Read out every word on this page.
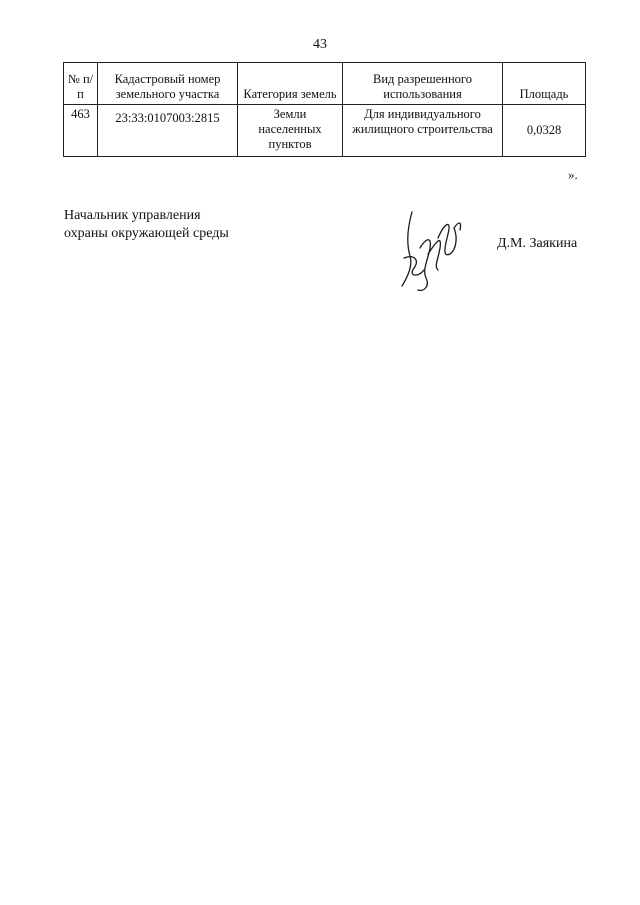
43
№ п/п	Кадастровый номер земельного участка	Категория земель	Вид разрешенного использования	Площадь
463	23:33:0107003:2815	Земли населенных пунктов	Для индивидуального жилищного строительства	0,0328
».
Начальник управления
охраны окружающей среды
Д.М. Заякина
